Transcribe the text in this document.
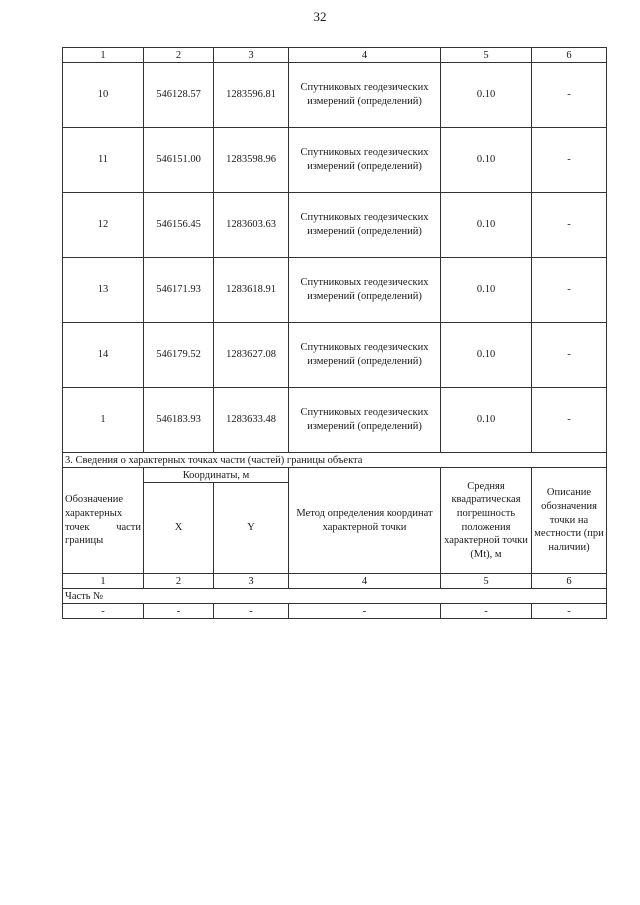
32
1	2	3	4	5	6
10	546128.57	1283596.81	Спутниковых геодезических измерений (определений)	0.10	-
11	546151.00	1283598.96	Спутниковых геодезических измерений (определений)	0.10	-
12	546156.45	1283603.63	Спутниковых геодезических измерений (определений)	0.10	-
13	546171.93	1283618.91	Спутниковых геодезических измерений (определений)	0.10	-
14	546179.52	1283627.08	Спутниковых геодезических измерений (определений)	0.10	-
1	546183.93	1283633.48	Спутниковых геодезических измерений (определений)	0.10	-
3. Сведения о характерных точках части (частей) границы объекта					
Обозначение характерных точек части границы	Координаты, м		Метод определения координат характерной точки	Средняя квадратическая погрешность положения характерной точки (Mt), м	Описание обозначения точки на местности (при наличии)
	X	Y			
1	2	3	4	5	6
Часть №					
-	-	-	-	-	-
